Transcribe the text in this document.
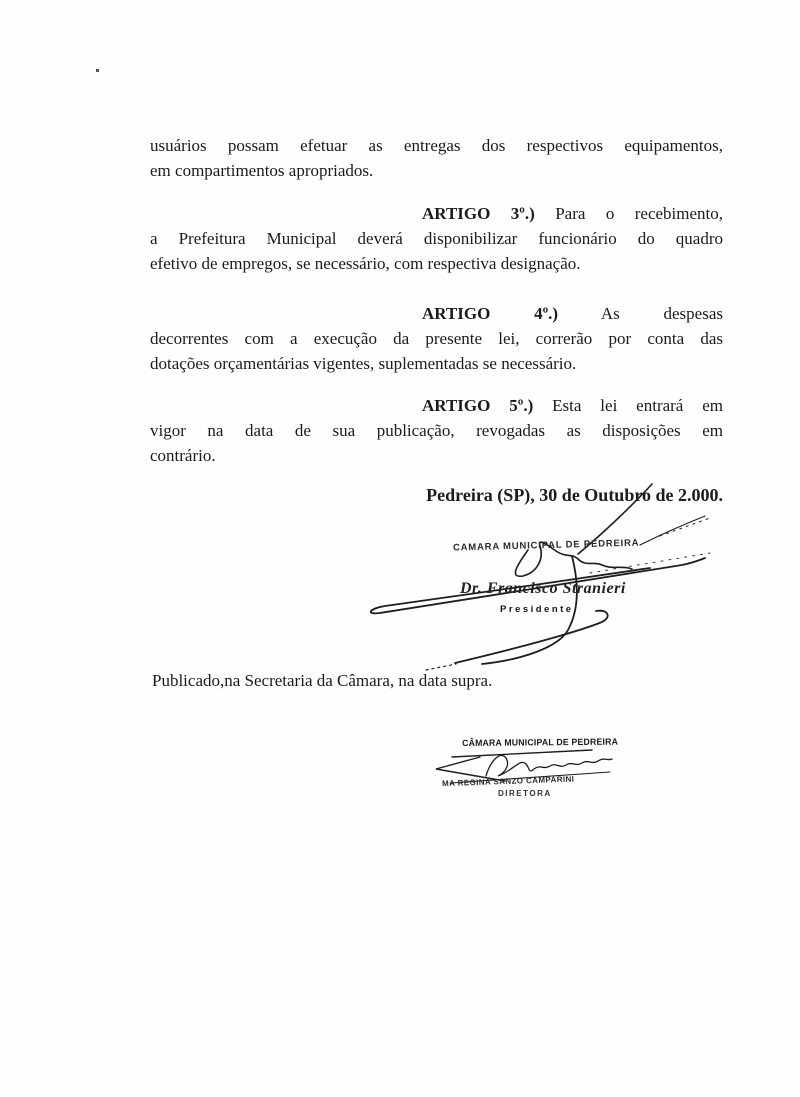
usuários possam efetuar as entregas dos respectivos equipamentos,
em compartimentos apropriados.
ARTIGO 3º.) Para o recebimento,
a Prefeitura Municipal deverá disponibilizar funcionário do quadro
efetivo de empregos, se necessário, com respectiva designação.
ARTIGO 4º.)	As despesas
decorrentes com a execução da presente lei, correrão por conta das
dotações orçamentárias vigentes, suplementadas se necessário.
ARTIGO 5º.) Esta lei entrará em
vigor na data de sua publicação, revogadas as disposições em
contrário.
Pedreira (SP), 30 de Outubro de 2.000.
CAMARA MUNICIPAL DE PEDREIRA
Dr. Francisco Stranieri
Presidente
Publicado,na Secretaria da Câmara, na data supra.
CÂMARA MUNICIPAL DE PEDREIRA
MA REGINA SANZO CAMPARINI
DIRETORA
